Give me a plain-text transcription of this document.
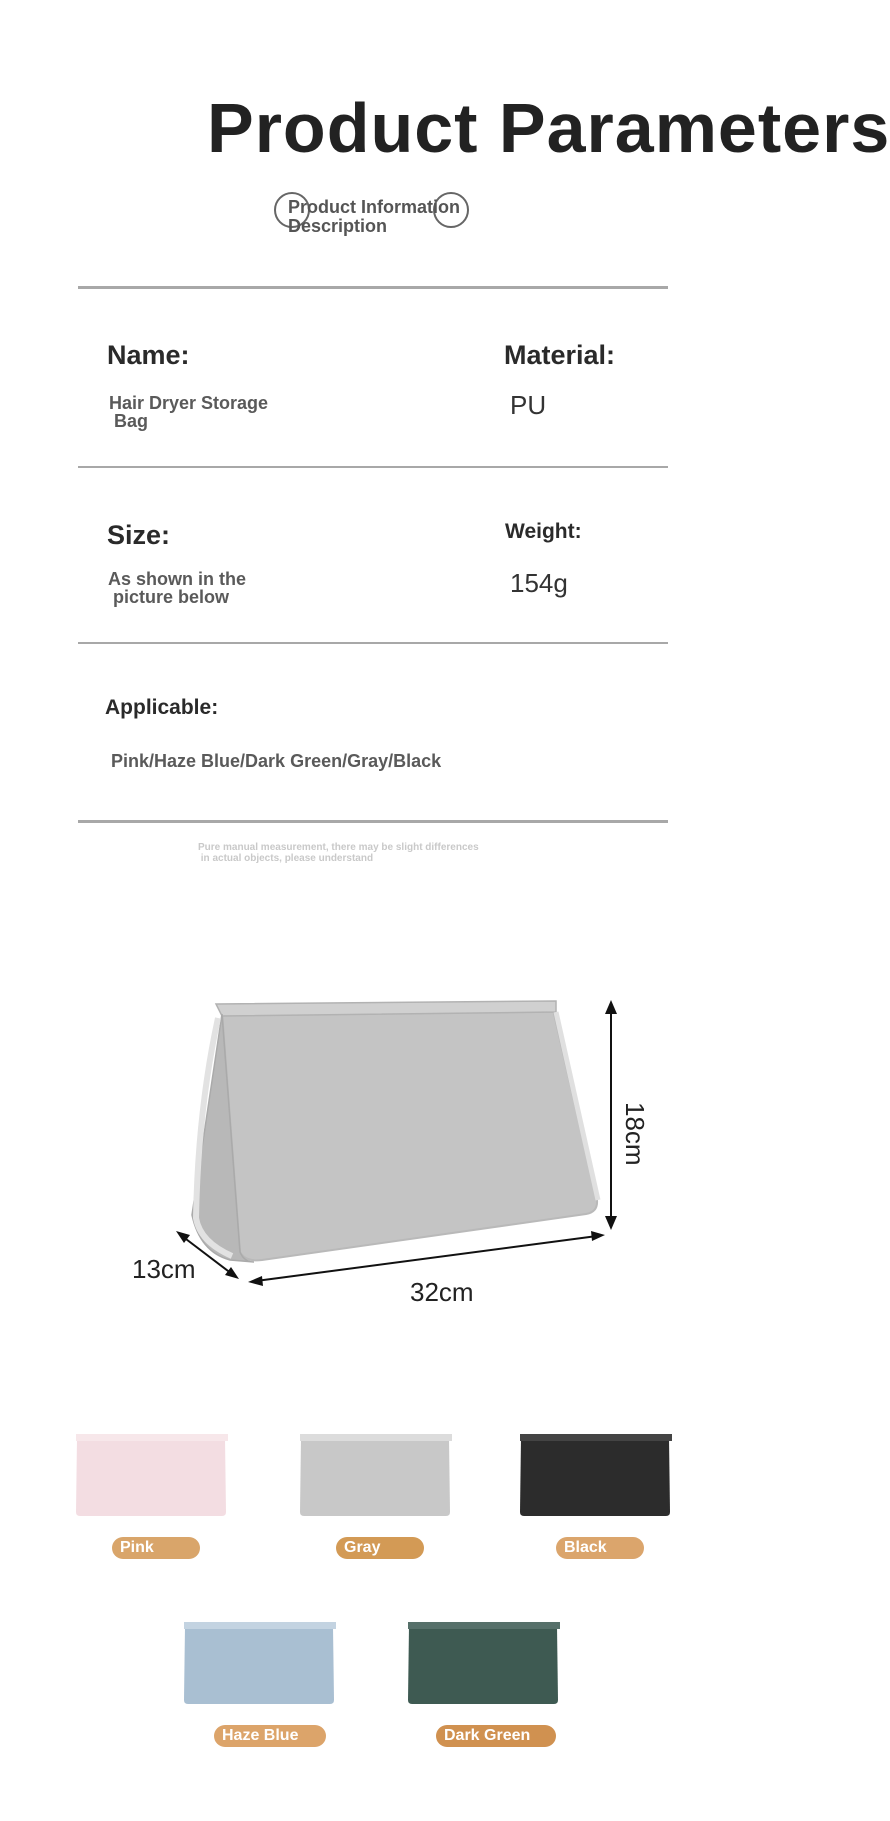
Product Parameters
Product Information
Description
Name:
Hair Dryer Storage
Bag
Material:
PU
Size:
As shown in the
picture below
Weight:
154g
Applicable:
Pink/Haze Blue/Dark Green/Gray/Black
Pure manual measurement, there may be slight differences
in actual objects, please understand
18cm
13cm
32cm
Pink	Gray	Black
Haze Blue	Dark Green
